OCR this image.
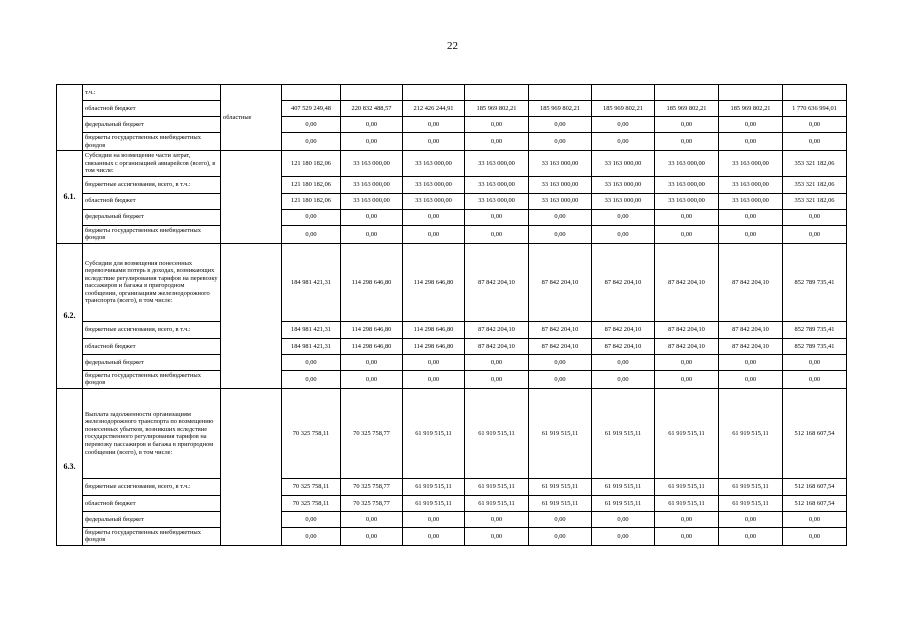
22
	т.ч.:	областные									
	областной бюджет		407 529 249,48	220 832 488,57	212 426 244,91	185 969 802,21	185 969 802,21	185 969 802,21	185 969 802,21	185 969 802,21	1 770 636 994,01
	федеральный бюджет		0,00	0,00	0,00	0,00	0,00	0,00	0,00	0,00	0,00
	бюджеты государственных внебюджетных фондов		0,00	0,00	0,00	0,00	0,00	0,00	0,00	0,00	0,00
6.1.	Субсидии на возмещение части затрат, связанных с организацией авиарейсов (всего), в том числе:		121 180 182,06	33 163 000,00	33 163 000,00	33 163 000,00	33 163 000,00	33 163 000,00	33 163 000,00	33 163 000,00	353 321 182,06
	бюджетные ассигнования, всего, в т.ч.:		121 180 182,06	33 163 000,00	33 163 000,00	33 163 000,00	33 163 000,00	33 163 000,00	33 163 000,00	33 163 000,00	353 321 182,06
	областной бюджет		121 180 182,06	33 163 000,00	33 163 000,00	33 163 000,00	33 163 000,00	33 163 000,00	33 163 000,00	33 163 000,00	353 321 182,06
	федеральный бюджет		0,00	0,00	0,00	0,00	0,00	0,00	0,00	0,00	0,00
	бюджеты государственных внебюджетных фондов		0,00	0,00	0,00	0,00	0,00	0,00	0,00	0,00	0,00
6.2.	Субсидии для возмещения понесенных перевозчиками потерь в доходах, возникающих вследствие регулирования тарифов на перевозку пассажиров и багажа в пригородном сообщении, организациям железнодорожного транспорта (всего), в том числе:		184 981 421,31	114 298 646,80	114 298 646,80	87 842 204,10	87 842 204,10	87 842 204,10	87 842 204,10	87 842 204,10	852 789 735,41
	бюджетные ассигнования, всего, в т.ч.:		184 981 421,31	114 298 646,80	114 298 646,80	87 842 204,10	87 842 204,10	87 842 204,10	87 842 204,10	87 842 204,10	852 789 735,41
	областной бюджет		184 981 421,31	114 298 646,80	114 298 646,80	87 842 204,10	87 842 204,10	87 842 204,10	87 842 204,10	87 842 204,10	852 789 735,41
	федеральный бюджет		0,00	0,00	0,00	0,00	0,00	0,00	0,00	0,00	0,00
	бюджеты государственных внебюджетных фондов		0,00	0,00	0,00	0,00	0,00	0,00	0,00	0,00	0,00
6.3.	Выплата задолженности организациям железнодорожного транспорта по возмещению понесенных убытков, возникших вследствие государственного регулирования тарифов на перевозку пассажиров и багажа в пригородном сообщении (всего), в том числе:		70 325 758,11	70 325 758,77	61 919 515,11	61 919 515,11	61 919 515,11	61 919 515,11	61 919 515,11	61 919 515,11	512 168 607,54
	бюджетные ассигнования, всего, в т.ч.:		70 325 758,11	70 325 758,77	61 919 515,11	61 919 515,11	61 919 515,11	61 919 515,11	61 919 515,11	61 919 515,11	512 168 607,54
	областной бюджет		70 325 758,11	70 325 758,77	61 919 515,11	61 919 515,11	61 919 515,11	61 919 515,11	61 919 515,11	61 919 515,11	512 168 607,54
	федеральный бюджет		0,00	0,00	0,00	0,00	0,00	0,00	0,00	0,00	0,00
	бюджеты государственных внебюджетных фондов		0,00	0,00	0,00	0,00	0,00	0,00	0,00	0,00	0,00
